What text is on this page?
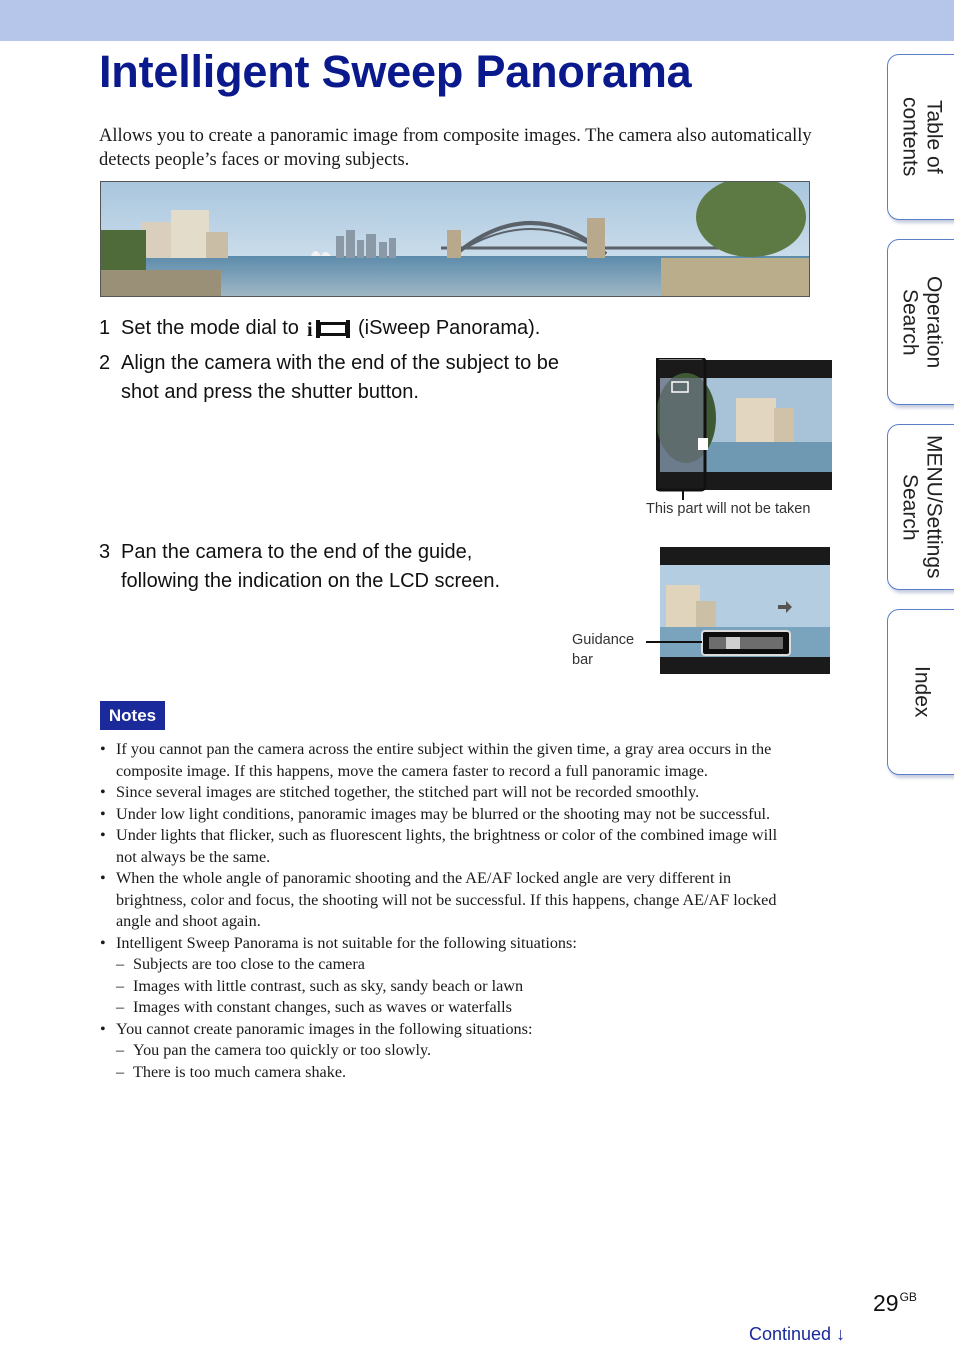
Intelligent Sweep Panorama

Allows you to create a panoramic image from composite images. The camera also automatically detects people’s faces or moving subjects.

1 Set the mode dial to i (iSweep Panorama).
2 Align the camera with the end of the subject to be
shot and press the shutter button.
This part will not be taken
3 Pan the camera to the end of the guide,
following the indication on the LCD screen.
Guidance
bar
Notes
• If you cannot pan the camera across the entire subject within the given time, a gray area occurs in the
composite image. If this happens, move the camera faster to record a full panoramic image.
• Since several images are stitched together, the stitched part will not be recorded smoothly.
• Under low light conditions, panoramic images may be blurred or the shooting may not be successful.
• Under lights that flicker, such as fluorescent lights, the brightness or color of the combined image will
not always be the same.
• When the whole angle of panoramic shooting and the AE/AF locked angle are very different in
brightness, color and focus, the shooting will not be successful. If this happens, change AE/AF locked
angle and shoot again.
• Intelligent Sweep Panorama is not suitable for the following situations:
– Subjects are too close to the camera
– Images with little contrast, such as sky, sandy beach or lawn
– Images with constant changes, such as waves or waterfalls
• You cannot create panoramic images in the following situations:
– You pan the camera too quickly or too slowly.
– There is too much camera shake.
Table of
contents
Operation
Search
MENU/Settings
Search
Index
$29^{GB}$
Continued ↓
